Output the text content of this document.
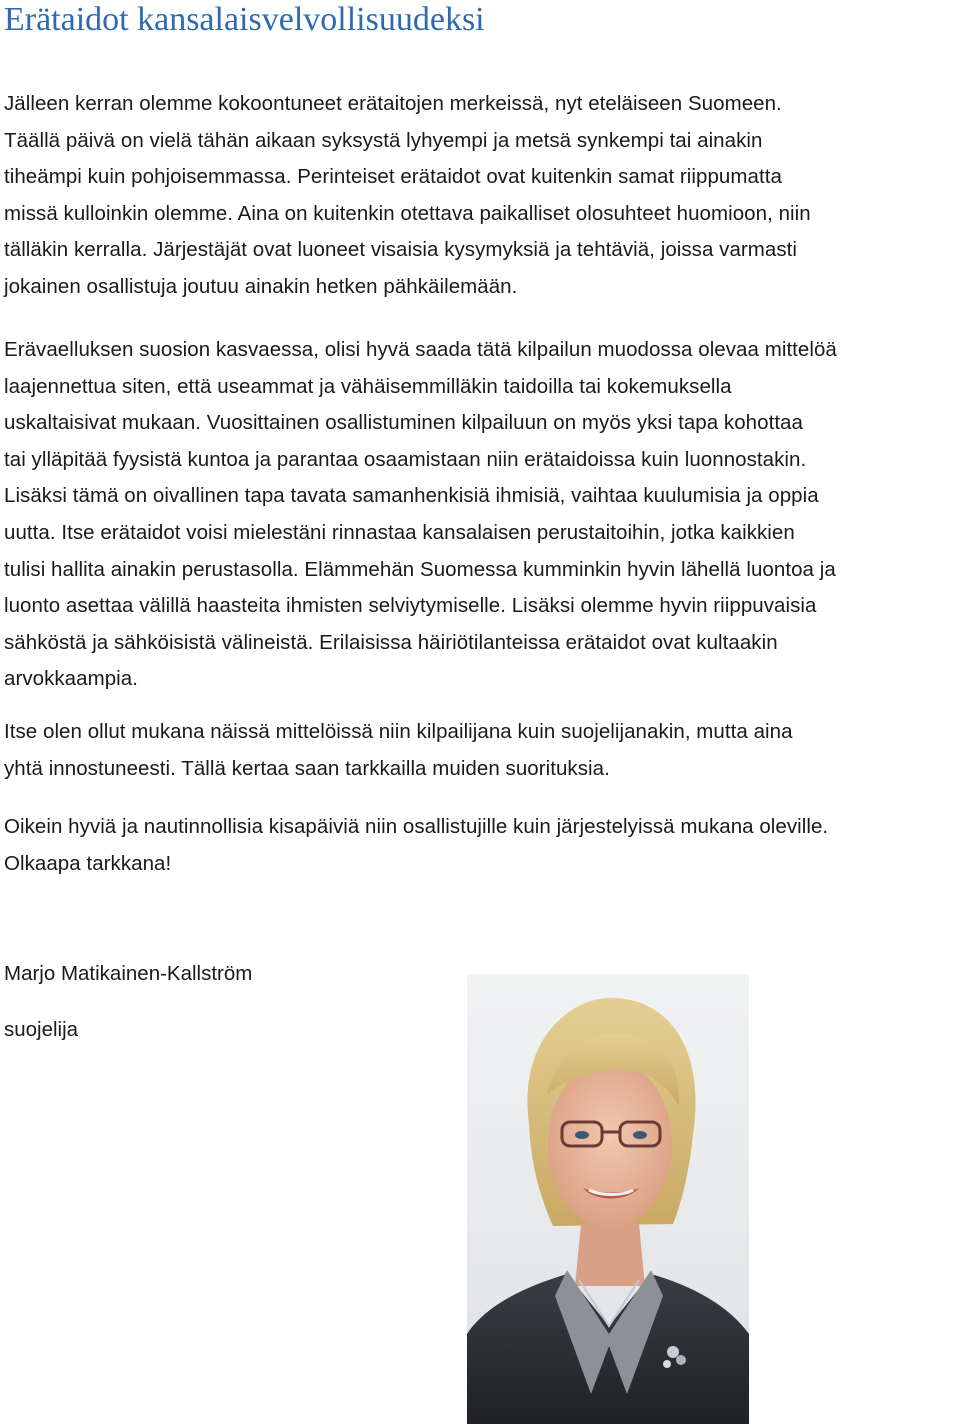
Erätaidot kansalaisvelvollisuudeksi

Jälleen kerran olemme kokoontuneet erätaitojen merkeissä, nyt eteläiseen Suomeen.
Täällä päivä on vielä tähän aikaan syksystä lyhyempi ja metsä synkempi tai ainakin
tiheämpi kuin pohjoisemmassa. Perinteiset erätaidot ovat kuitenkin samat riippumatta
missä kulloinkin olemme. Aina on kuitenkin otettava paikalliset olosuhteet huomioon, niin
tälläkin kerralla. Järjestäjät ovat luoneet visaisia kysymyksiä ja tehtäviä, joissa varmasti
jokainen osallistuja joutuu ainakin hetken pähkäilemään.

Erävaelluksen suosion kasvaessa, olisi hyvä saada tätä kilpailun muodossa olevaa mittelöä
laajennettua siten, että useammat ja vähäisemmilläkin taidoilla tai kokemuksella
uskaltaisivat mukaan. Vuosittainen osallistuminen kilpailuun on myös yksi tapa kohottaa
tai ylläpitää fyysistä kuntoa ja parantaa osaamistaan niin erätaidoissa kuin luonnostakin.
Lisäksi tämä on oivallinen tapa tavata samanhenkisiä ihmisiä, vaihtaa kuulumisia ja oppia
uutta. Itse erätaidot voisi mielestäni rinnastaa kansalaisen perustaitoihin, jotka kaikkien
tulisi hallita ainakin perustasolla. Elämmehän Suomessa kumminkin hyvin lähellä luontoa ja
luonto asettaa välillä haasteita ihmisten selviytymiselle. Lisäksi olemme hyvin riippuvaisia
sähköstä ja sähköisistä välineistä. Erilaisissa häiriötilanteissa erätaidot ovat kultaakin
arvokkaampia.

Itse olen ollut mukana näissä mittelöissä niin kilpailijana kuin suojelijanakin, mutta aina
yhtä innostuneesti. Tällä kertaa saan tarkkailla muiden suorituksia.

Oikein hyviä ja nautinnollisia kisapäiviä niin osallistujille kuin järjestelyissä mukana oleville.
Olkaapa tarkkana!

Marjo Matikainen-Kallström

suojelija
